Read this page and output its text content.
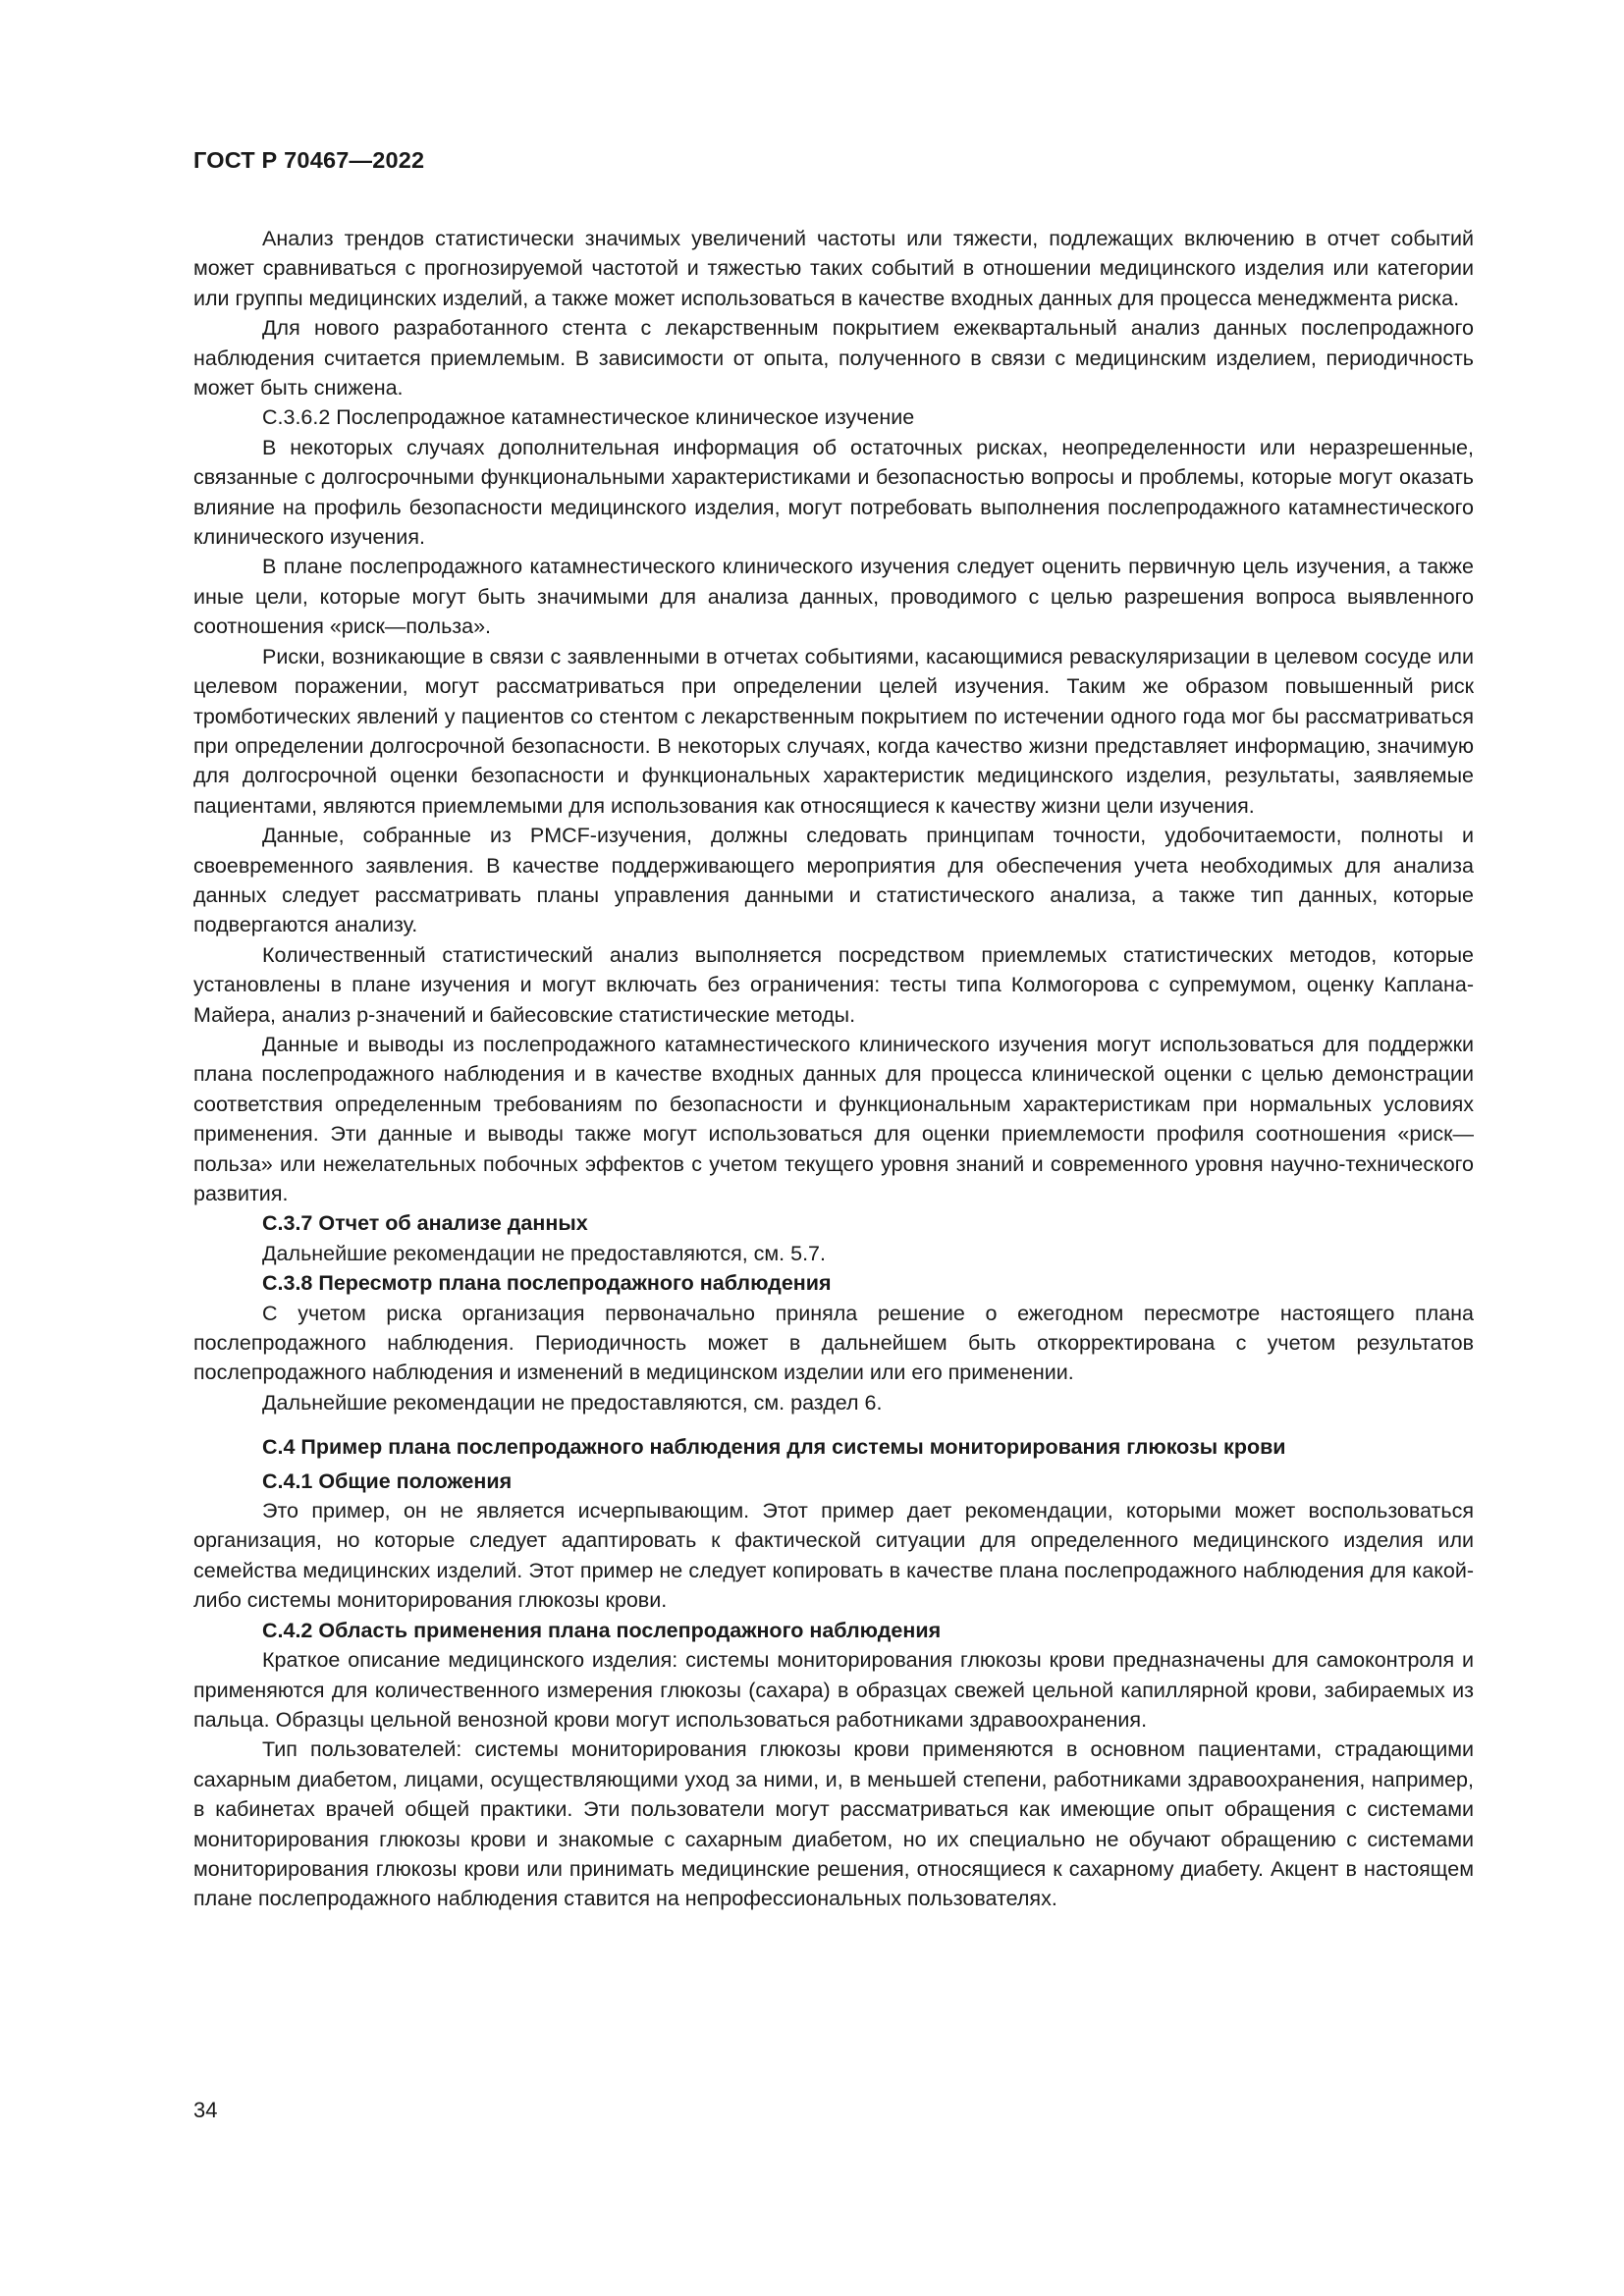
ГОСТ Р 70467—2022

Анализ трендов статистически значимых увеличений частоты или тяжести, подлежащих включению в отчет событий может сравниваться с прогнозируемой частотой и тяжестью таких событий в отношении медицинского изделия или категории или группы медицинских изделий, а также может использоваться в качестве входных данных для процесса менеджмента риска.

Для нового разработанного стента с лекарственным покрытием ежеквартальный анализ данных послепродажного наблюдения считается приемлемым. В зависимости от опыта, полученного в связи с медицинским изделием, периодичность может быть снижена.

С.3.6.2 Послепродажное катамнестическое клиническое изучение

В некоторых случаях дополнительная информация об остаточных рисках, неопределенности или неразрешенные, связанные с долгосрочными функциональными характеристиками и безопасностью вопросы и проблемы, которые могут оказать влияние на профиль безопасности медицинского изделия, могут потребовать выполнения послепродажного катамнестического клинического изучения.

В плане послепродажного катамнестического клинического изучения следует оценить первичную цель изучения, а также иные цели, которые могут быть значимыми для анализа данных, проводимого с целью разрешения вопроса выявленного соотношения «риск—польза».

Риски, возникающие в связи с заявленными в отчетах событиями, касающимися реваскуляризации в целевом сосуде или целевом поражении, могут рассматриваться при определении целей изучения. Таким же образом повышенный риск тромботических явлений у пациентов со стентом с лекарственным покрытием по истечении одного года мог бы рассматриваться при определении долгосрочной безопасности. В некоторых случаях, когда качество жизни представляет информацию, значимую для долгосрочной оценки безопасности и функциональных характеристик медицинского изделия, результаты, заявляемые пациентами, являются приемлемыми для использования как относящиеся к качеству жизни цели изучения.

Данные, собранные из PMCF-изучения, должны следовать принципам точности, удобочитаемости, полноты и своевременного заявления. В качестве поддерживающего мероприятия для обеспечения учета необходимых для анализа данных следует рассматривать планы управления данными и статистического анализа, а также тип данных, которые подвергаются анализу.

Количественный статистический анализ выполняется посредством приемлемых статистических методов, которые установлены в плане изучения и могут включать без ограничения: тесты типа Колмогорова с супремумом, оценку Каплана-Майера, анализ p-значений и байесовские статистические методы.

Данные и выводы из послепродажного катамнестического клинического изучения могут использоваться для поддержки плана послепродажного наблюдения и в качестве входных данных для процесса клинической оценки с целью демонстрации соответствия определенным требованиям по безопасности и функциональным характеристикам при нормальных условиях применения. Эти данные и выводы также могут использоваться для оценки приемлемости профиля соотношения «риск—польза» или нежелательных побочных эффектов с учетом текущего уровня знаний и современного уровня научно-технического развития.

С.3.7 Отчет об анализе данных

Дальнейшие рекомендации не предоставляются, см. 5.7.

С.3.8 Пересмотр плана послепродажного наблюдения

С учетом риска организация первоначально приняла решение о ежегодном пересмотре настоящего плана послепродажного наблюдения. Периодичность может в дальнейшем быть откорректирована с учетом результатов послепродажного наблюдения и изменений в медицинском изделии или его применении.

Дальнейшие рекомендации не предоставляются, см. раздел 6.

С.4 Пример плана послепродажного наблюдения для системы мониторирования глюкозы крови

С.4.1 Общие положения

Это пример, он не является исчерпывающим. Этот пример дает рекомендации, которыми может воспользоваться организация, но которые следует адаптировать к фактической ситуации для определенного медицинского изделия или семейства медицинских изделий. Этот пример не следует копировать в качестве плана послепродажного наблюдения для какой-либо системы мониторирования глюкозы крови.

С.4.2 Область применения плана послепродажного наблюдения

Краткое описание медицинского изделия: системы мониторирования глюкозы крови предназначены для самоконтроля и применяются для количественного измерения глюкозы (сахара) в образцах свежей цельной капиллярной крови, забираемых из пальца. Образцы цельной венозной крови могут использоваться работниками здравоохранения.

Тип пользователей: системы мониторирования глюкозы крови применяются в основном пациентами, страдающими сахарным диабетом, лицами, осуществляющими уход за ними, и, в меньшей степени, работниками здравоохранения, например, в кабинетах врачей общей практики. Эти пользователи могут рассматриваться как имеющие опыт обращения с системами мониторирования глюкозы крови и знакомые с сахарным диабетом, но их специально не обучают обращению с системами мониторирования глюкозы крови или принимать медицинские решения, относящиеся к сахарному диабету. Акцент в настоящем плане послепродажного наблюдения ставится на непрофессиональных пользователях.

34
